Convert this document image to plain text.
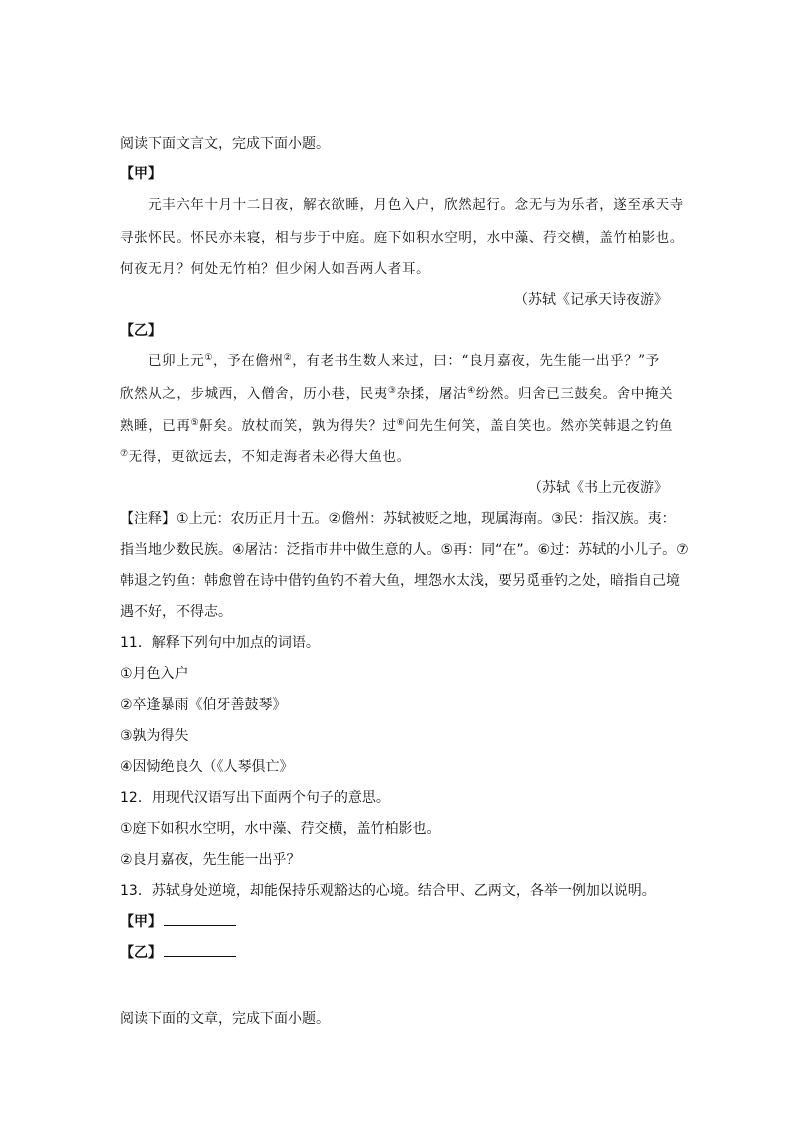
阅读下面文言文，完成下面小题。
【甲】
元丰六年十月十二日夜，解衣欲睡，月色入户，欣然起行。念无与为乐者，遂至承天寺
寻张怀民。怀民亦未寝，相与步于中庭。庭下如积水空明，水中藻、荇交横，盖竹柏影也。
何夜无月？何处无竹柏？但少闲人如吾两人者耳。
（苏轼《记承天诗夜游》
【乙】
已卯上元①，予在儋州②，有老书生数人来过，曰：“良月嘉夜，先生能一出乎？”予
欣然从之，步城西，入僧舍，历小巷，民夷③杂揉，屠沽④纷然。归舍已三鼓矣。舍中掩关
熟睡，已再⑤鼾矣。放杖而笑，孰为得失？过⑥问先生何笑，盖自笑也。然亦笑韩退之钓鱼
⑦无得，更欲远去，不知走海者未必得大鱼也。
（苏轼《书上元夜游》
【注释】①上元：农历正月十五。②儋州：苏轼被贬之地，现属海南。③民：指汉族。夷：
指当地少数民族。④屠沽：泛指市井中做生意的人。⑤再：同“在”。⑥过：苏轼的小儿子。⑦
韩退之钓鱼：韩愈曾在诗中借钓鱼钓不着大鱼，埋怨水太浅，要另觅垂钓之处，暗指自己境
遇不好，不得志。
11．解释下列句中加点的词语。
①月色入户
②卒逢暴雨《伯牙善鼓琴》
③孰为得失
④因恸绝良久（《人琴俱亡》
12．用现代汉语写出下面两个句子的意思。
①庭下如积水空明，水中藻、荇交横，盖竹柏影也。
②良月嘉夜，先生能一出乎？
13．苏轼身处逆境，却能保持乐观豁达的心境。结合甲、乙两文，各举一例加以说明。
【甲】
【乙】
阅读下面的文章，完成下面小题。
